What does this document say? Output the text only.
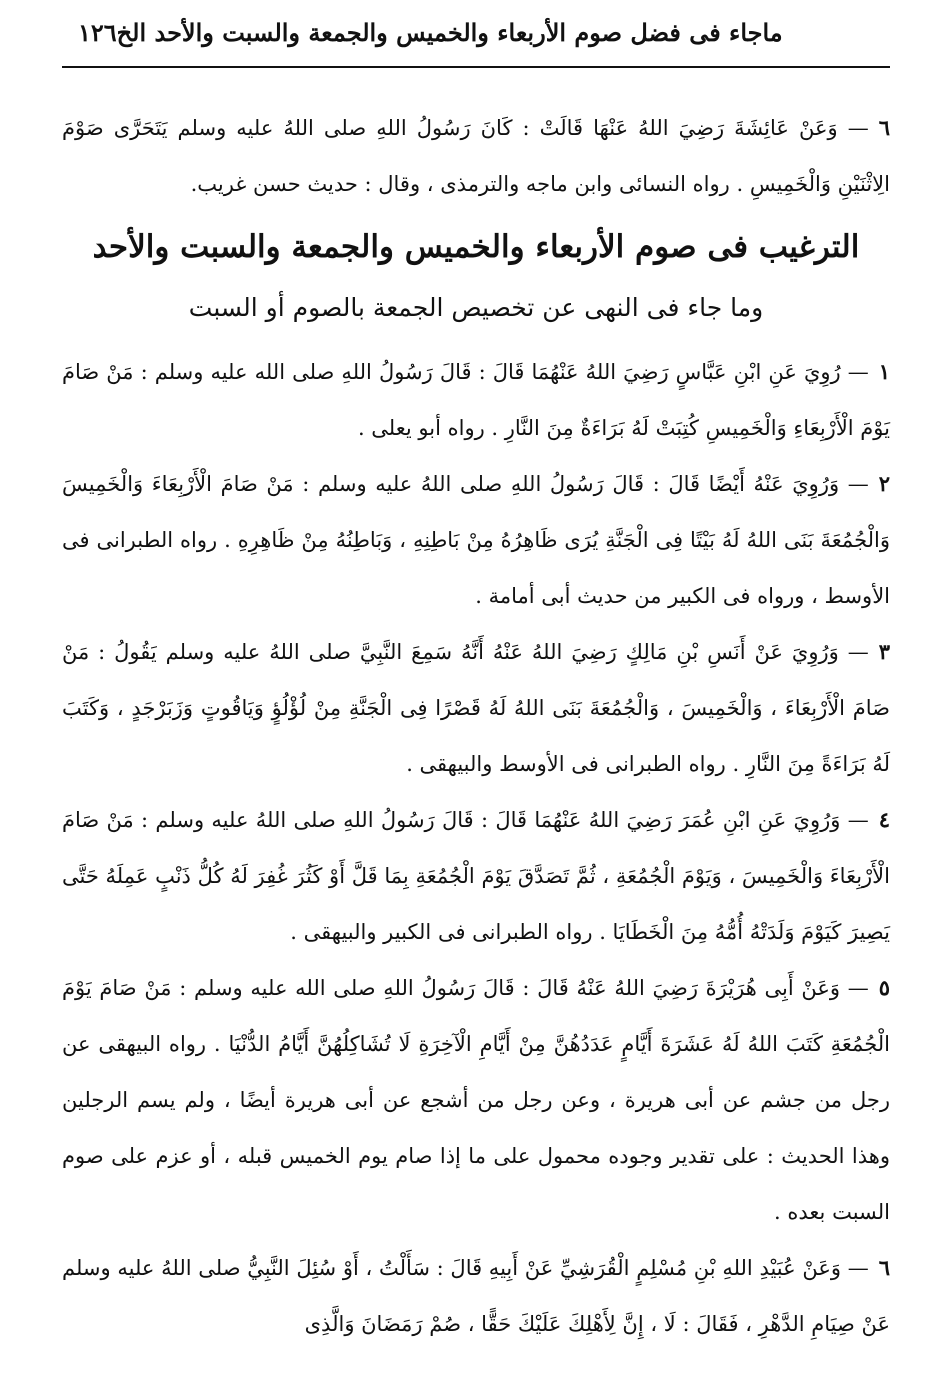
١٢٦ ماجاء فى فضل صوم الأربعاء والخميس والجمعة والسبت والأحد الخ

٦— وَعَنْ عَائِشَةَ رَضِيَ اللهُ عَنْهَا قَالَتْ : كَانَ رَسُولُ اللهِ صلى اللهُ عليه وسلم يَتَحَرَّى صَوْمَ الِاثْنَيْنِ وَالْخَمِيسِ . رواه النسائى وابن ماجه والترمذى ، وقال : حديث حسن غريب.

الترغيب فى صوم الأربعاء والخميس والجمعة والسبت والأحد
وما جاء فى النهى عن تخصيص الجمعة بالصوم أو السبت

١— رُوِيَ عَنِ ابْنِ عَبَّاسٍ رَضِيَ اللهُ عَنْهُمَا قَالَ : قَالَ رَسُولُ اللهِ صلى الله عليه وسلم : مَنْ صَامَ يَوْمَ الْأَرْبِعَاءِ وَالْخَمِيسِ كُتِبَتْ لَهُ بَرَاءَةٌ مِنَ النَّارِ . رواه أبو يعلى .

٢— وَرُوِيَ عَنْهُ أَيْضًا قَالَ : قَالَ رَسُولُ اللهِ صلى اللهُ عليه وسلم : مَنْ صَامَ الْأَرْبِعَاءَ وَالْخَمِيسَ وَالْجُمُعَةَ بَنَى اللهُ لَهُ بَيْتًا فِى الْجَنَّةِ يُرَى ظَاهِرُهُ مِنْ بَاطِنِهِ ، وَبَاطِنُهُ مِنْ ظَاهِرِهِ . رواه الطبرانى فى الأوسط ، ورواه فى الكبير من حديث أبى أمامة .

٣— وَرُوِيَ عَنْ أَنَسِ بْنِ مَالِكٍ رَضِيَ اللهُ عَنْهُ أَنَّهُ سَمِعَ النَّبِيَّ صلى اللهُ عليه وسلم يَقُولُ : مَنْ صَامَ الْأَرْبِعَاءَ ، وَالْخَمِيسَ ، وَالْجُمُعَةَ بَنَى اللهُ لَهُ قَصْرًا فِى الْجَنَّةِ مِنْ لُؤْلُؤٍ وَيَاقُوتٍ وَزَبَرْجَدٍ ، وَكَتَبَ لَهُ بَرَاءَةً مِنَ النَّارِ . رواه الطبرانى فى الأوسط والبيهقى .

٤— وَرُوِيَ عَنِ ابْنِ عُمَرَ رَضِيَ اللهُ عَنْهُمَا قَالَ : قَالَ رَسُولُ اللهِ صلى اللهُ عليه وسلم : مَنْ صَامَ الْأَرْبِعَاءَ وَالْخَمِيسَ ، وَيَوْمَ الْجُمُعَةِ ، ثُمَّ تَصَدَّقَ يَوْمَ الْجُمُعَةِ بِمَا قَلَّ أَوْ كَثُرَ غُفِرَ لَهُ كُلُّ ذَنْبٍ عَمِلَهُ حَتَّى يَصِيرَ كَيَوْمَ وَلَدَتْهُ أُمُّهُ مِنَ الْخَطَايَا . رواه الطبرانى فى الكبير والبيهقى .

٥— وَعَنْ أَبِى هُرَيْرَةَ رَضِيَ اللهُ عَنْهُ قَالَ : قَالَ رَسُولُ اللهِ صلى الله عليه وسلم : مَنْ صَامَ يَوْمَ الْجُمُعَةِ كَتَبَ اللهُ لَهُ عَشَرَةَ أَيَّامٍ عَدَدُهُنَّ مِنْ أَيَّامِ الْآخِرَةِ لَا تُشَاكِلُهُنَّ أَيَّامُ الدُّنْيَا . رواه البيهقى عن رجل من جشم عن أبى هريرة ، وعن رجل من أشجع عن أبى هريرة أيضًا ، ولم يسم الرجلين وهذا الحديث : على تقدير وجوده محمول على ما إذا صام يوم الخميس قبله ، أو عزم على صوم السبت بعده .

٦— وَعَنْ عُبَيْدِ اللهِ بْنِ مُسْلِمٍ الْقُرَشِيِّ عَنْ أَبِيهِ قَالَ : سَأَلْتُ ، أَوْ سُئِلَ النَّبِيُّ صلى اللهُ عليه وسلم عَنْ صِيَامِ الدَّهْرِ ، فَقَالَ : لَا ، إِنَّ لِأَهْلِكَ عَلَيْكَ حَقًّا ، صُمْ رَمَضَانَ وَالَّذِى
